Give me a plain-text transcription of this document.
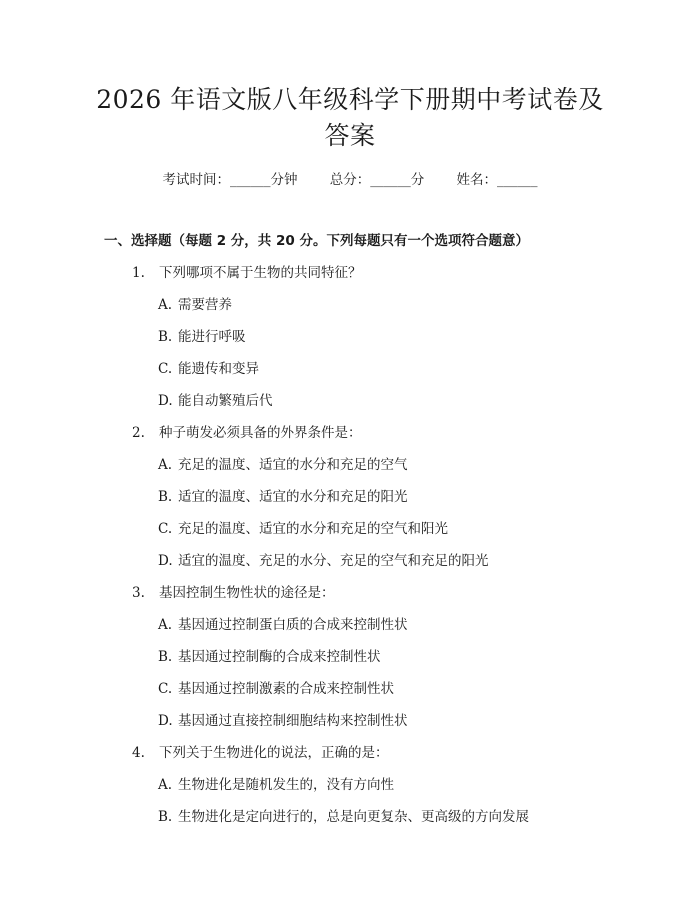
2026 年语文版八年级科学下册期中考试卷及
答案
考试时间：______分钟 总分：______分 姓名：______
一、选择题（每题 2 分，共 20 分。下列每题只有一个选项符合题意）
1. 下列哪项不属于生物的共同特征？
A. 需要营养
B. 能进行呼吸
C. 能遗传和变异
D. 能自动繁殖后代
2. 种子萌发必须具备的外界条件是：
A. 充足的温度、适宜的水分和充足的空气
B. 适宜的温度、适宜的水分和充足的阳光
C. 充足的温度、适宜的水分和充足的空气和阳光
D. 适宜的温度、充足的水分、充足的空气和充足的阳光
3. 基因控制生物性状的途径是：
A. 基因通过控制蛋白质的合成来控制性状
B. 基因通过控制酶的合成来控制性状
C. 基因通过控制激素的合成来控制性状
D. 基因通过直接控制细胞结构来控制性状
4. 下列关于生物进化的说法，正确的是：
A. 生物进化是随机发生的，没有方向性
B. 生物进化是定向进行的，总是向更复杂、更高级的方向发展
